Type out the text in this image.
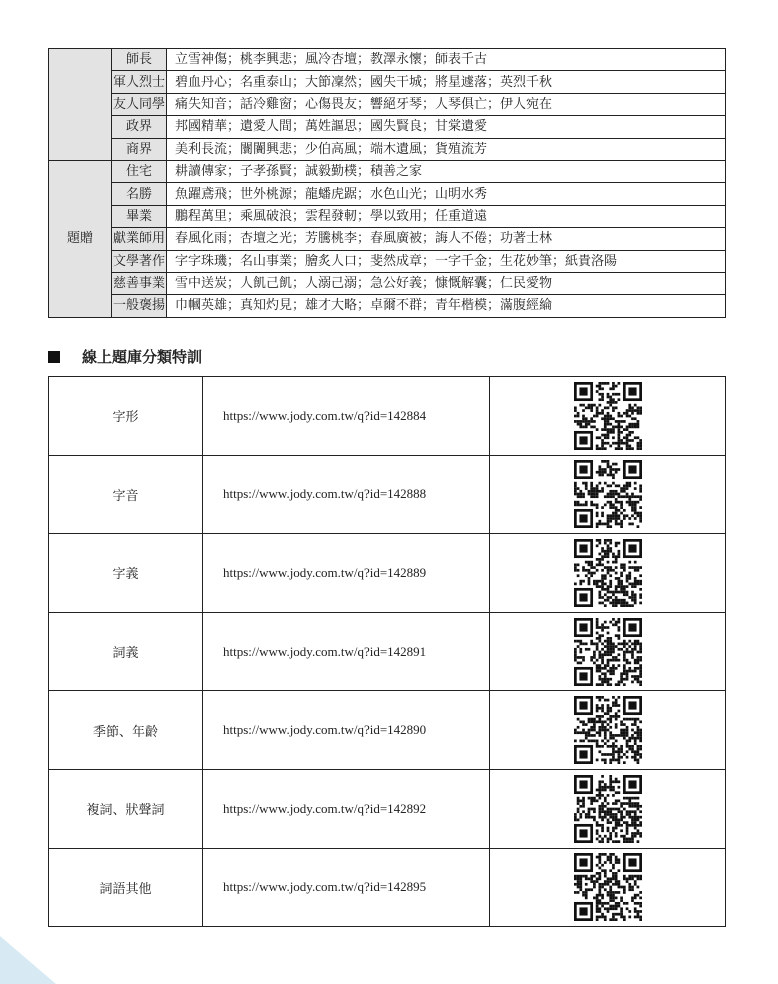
	師長	立雪神傷；桃李興悲；風冷杏壇；教澤永懷；師表千古
	軍人烈士	碧血丹心；名重泰山；大節凜然；國失干城；將星遽落；英烈千秋
	友人同學	痛失知音；話冷雞窗；心傷畏友；響絕牙琴；人琴俱亡；伊人宛在
	政界	邦國精華；遺愛人間；萬姓謳思；國失賢良；甘棠遺愛
	商界	美利長流；闤闠興悲；少伯高風；端木遺風；貨殖流芳
題贈	住宅	耕讀傳家；子孝孫賢；誠毅勤樸；積善之家
	名勝	魚躍鳶飛；世外桃源；龍蟠虎踞；水色山光；山明水秀
	畢業	鵬程萬里；乘風破浪；雲程發軔；學以致用；任重道遠
	獻業師用	春風化雨；杏壇之光；芳騰桃李；春風廣被；誨人不倦；功著士林
	文學著作	字字珠璣；名山事業；膾炙人口；斐然成章；一字千金；生花妙筆；紙貴洛陽
	慈善事業	雪中送炭；人飢己飢；人溺己溺；急公好義；慷慨解囊；仁民愛物
	一般褒揚	巾幗英雄；真知灼見；雄才大略；卓爾不群；青年楷模；滿腹經綸
線上題庫分類特訓
字形	https://www.jody.com.tw/q?id=142884	
字音	https://www.jody.com.tw/q?id=142888	
字義	https://www.jody.com.tw/q?id=142889	
詞義	https://www.jody.com.tw/q?id=142891	
季節、年齡	https://www.jody.com.tw/q?id=142890	
複詞、狀聲詞	https://www.jody.com.tw/q?id=142892	
詞語其他	https://www.jody.com.tw/q?id=142895	
